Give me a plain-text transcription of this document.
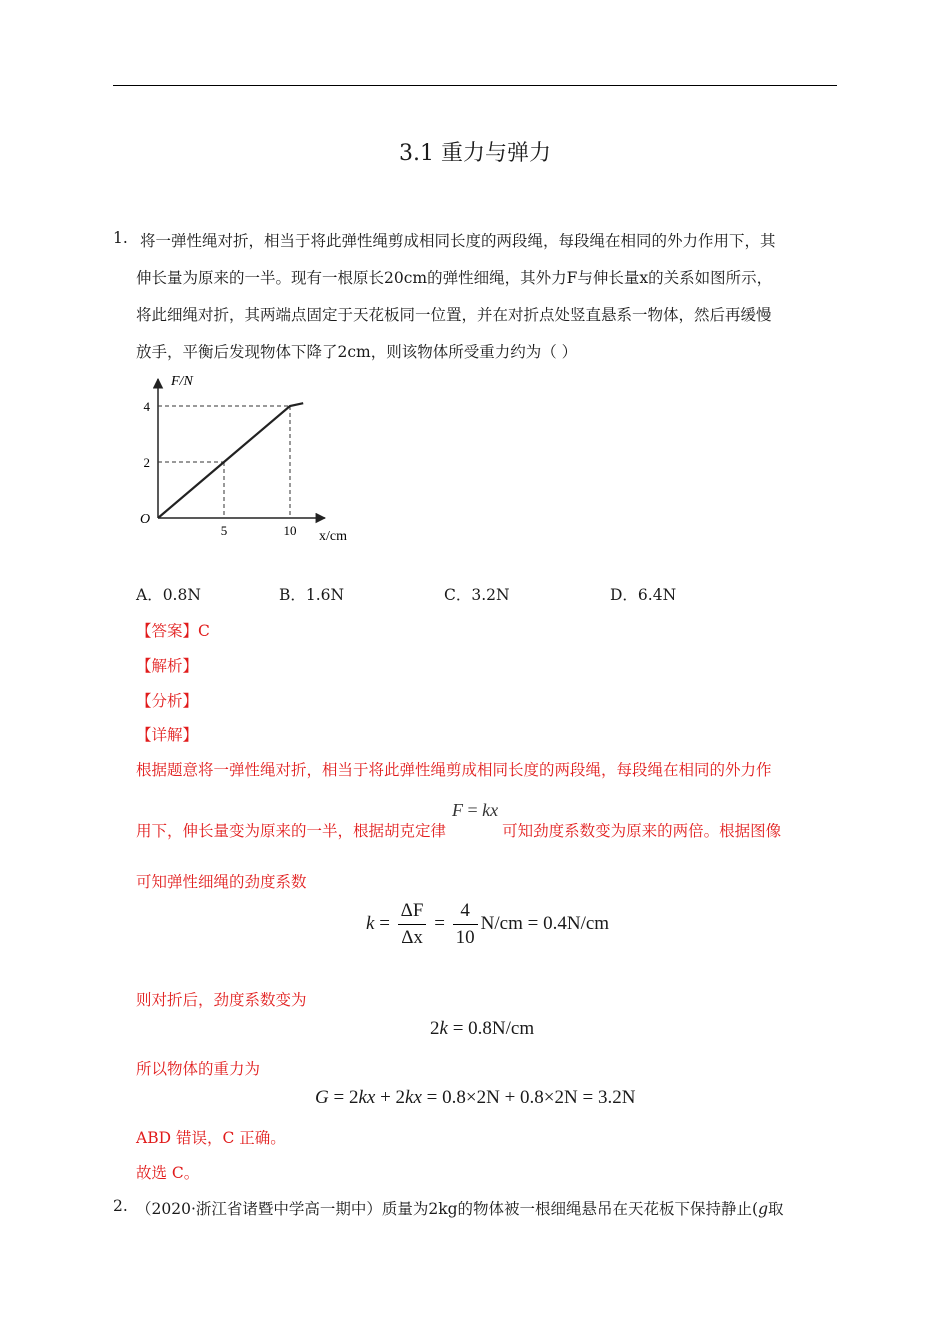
3.1 重力与弹力
1. 将一弹性绳对折，相当于将此弹性绳剪成相同长度的两段绳，每段绳在相同的外力作用下，其
伸长量为原来的一半。现有一根原长20cm的弹性细绳，其外力F与伸长量x的关系如图所示，
将此细绳对折，其两端点固定于天花板同一位置，并在对折点处竖直悬系一物体，然后再缓慢
放手，平衡后发现物体下降了2cm，则该物体所受重力约为（ ）
F/N
x/cm
O
5	10
2
4
A．0.8N	B．1.6N	C．3.2N	D．6.4N
【答案】C
【解析】
【分析】
【详解】
根据题意将一弹性绳对折，相当于将此弹性绳剪成相同长度的两段绳，每段绳在相同的外力作
用下，伸长量变为原来的一半，根据胡克定律F = kx可知劲度系数变为原来的两倍。根据图像
可知弹性细绳的劲度系数
$k = \frac{\Delta F}{\Delta x} = \frac{4}{10} N/cm = 0.4N/cm$
则对折后，劲度系数变为
2k = 0.8N/cm
所以物体的重力为
G = 2kx + 2kx = 0.8×2N + 0.8×2N = 3.2N
ABD 错误，C 正确。
故选 C。
2. （2020·浙江省诸暨中学高一期中）质量为2kg的物体被一根细绳悬吊在天花板下保持静止(g取
